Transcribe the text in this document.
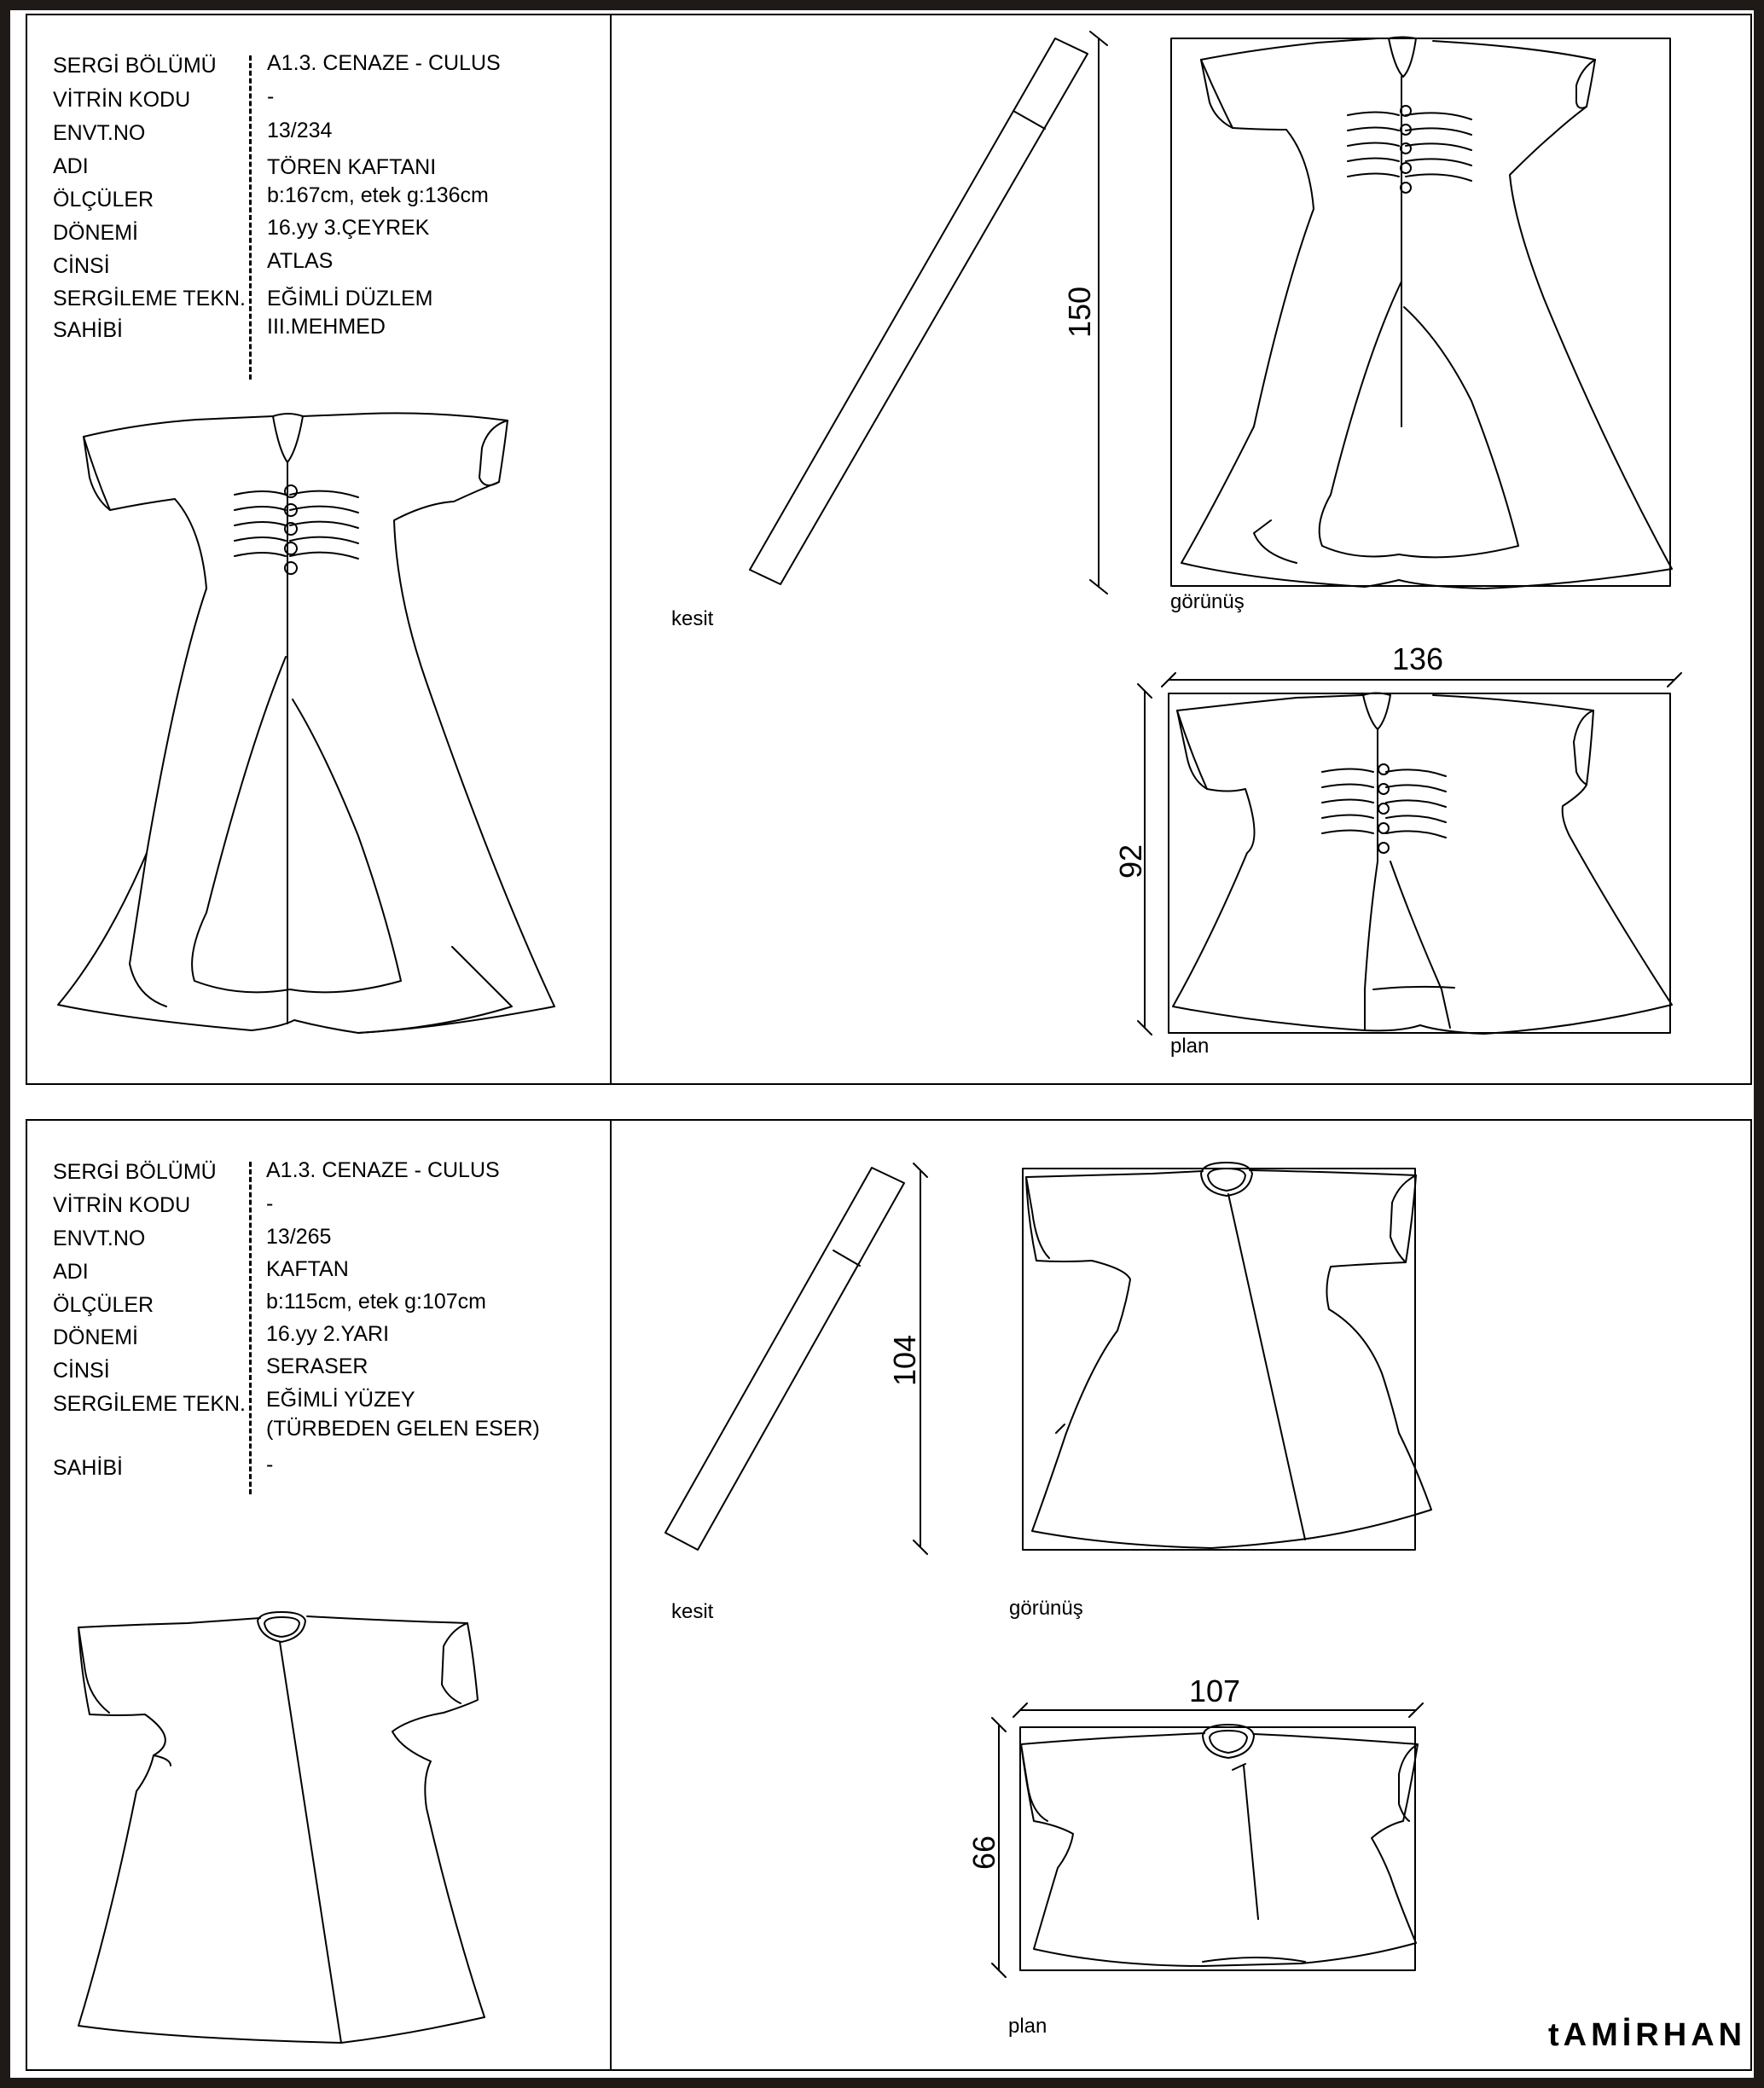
SERGİ BÖLÜMÜ
VİTRİN KODU
ENVT.NO
ADI
ÖLÇÜLER
DÖNEMİ
CİNSİ
SERGİLEME TEKN.
SAHİBİ
A1.3. CENAZE - CULUS
-
13/234
TÖREN KAFTANI
b:167cm, etek g:136cm
16.yy 3.ÇEYREK
ATLAS
EĞİMLİ DÜZLEM
III.MEHMED
SERGİ BÖLÜMÜ
VİTRİN KODU
ENVT.NO
ADI
ÖLÇÜLER
DÖNEMİ
CİNSİ
SERGİLEME TEKN.
SAHİBİ
A1.3. CENAZE - CULUS
-
13/265
KAFTAN
b:115cm, etek g:107cm
16.yy 2.YARI
SERASER
EĞİMLİ YÜZEY
(TÜRBEDEN GELEN ESER)
-
kesit
görünüş
plan
150
136
92
kesit	görünüş
plan
104
107
66
tAMİRHAN
